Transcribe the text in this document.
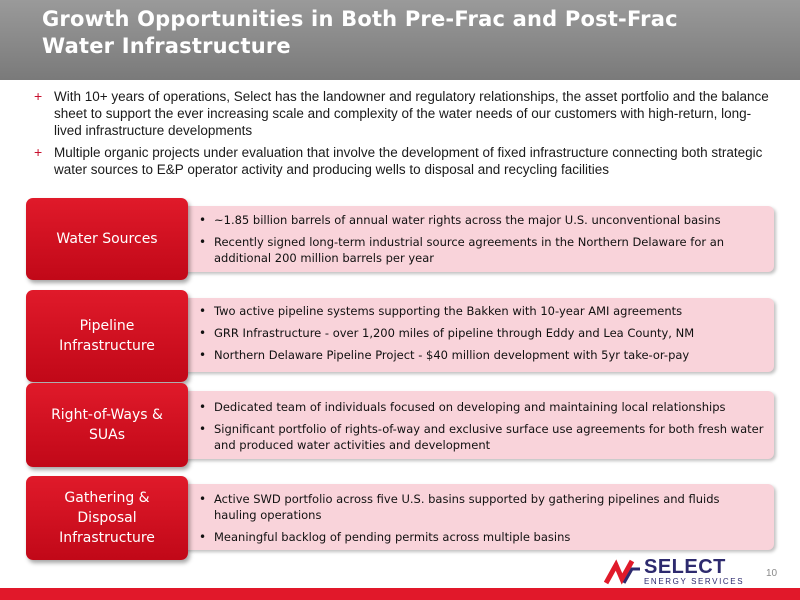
Growth Opportunities in Both Pre-Frac and Post-Frac
Water Infrastructure
+ With 10+ years of operations, Select has the landowner and regulatory relationships, the asset portfolio and the balance sheet to support the ever increasing scale and complexity of the water needs of our customers with high-return, long-lived infrastructure developments
+ Multiple organic projects under evaluation that involve the development of fixed infrastructure connecting both strategic water sources to E&P operator activity and producing wells to disposal and recycling facilities
Water Sources
• ~1.85 billion barrels of annual water rights across the major U.S. unconventional basins
• Recently signed long-term industrial source agreements in the Northern Delaware for an additional 200 million barrels per year
Pipeline
Infrastructure
• Two active pipeline systems supporting the Bakken with 10-year AMI agreements
• GRR Infrastructure - over 1,200 miles of pipeline through Eddy and Lea County, NM
• Northern Delaware Pipeline Project - $40 million development with 5yr take-or-pay
Right-of-Ways &
SUAs
• Dedicated team of individuals focused on developing and maintaining local relationships
• Significant portfolio of rights-of-way and exclusive surface use agreements for both fresh water and produced water activities and development
Gathering &
Disposal
Infrastructure
• Active SWD portfolio across five U.S. basins supported by gathering pipelines and fluids hauling operations
• Meaningful backlog of pending permits across multiple basins
SELECT
ENERGY SERVICES
10
